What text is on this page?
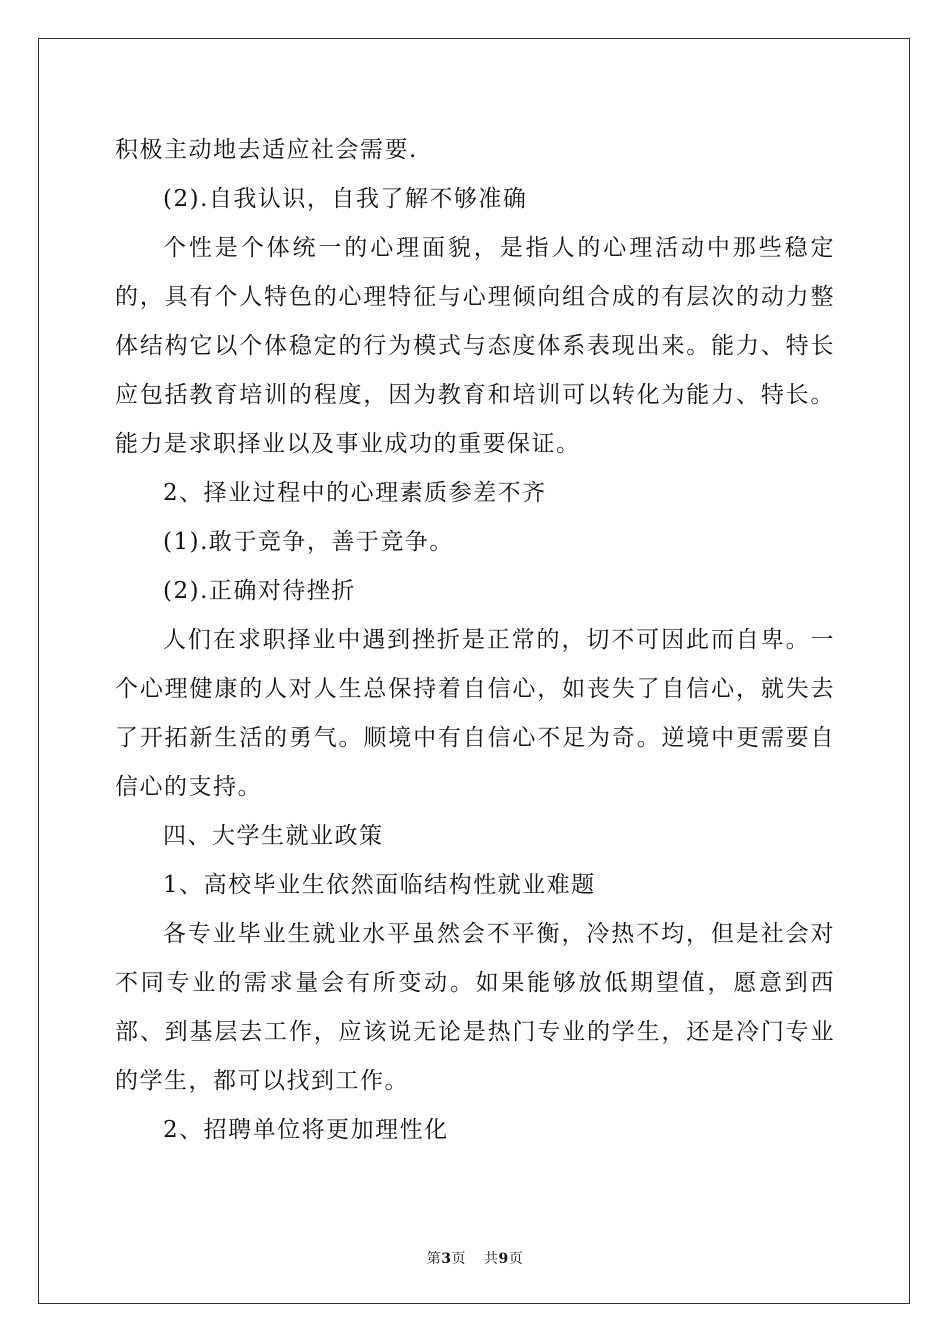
积极主动地去适应社会需要.

(2).自我认识，自我了解不够准确

个性是个体统一的心理面貌，是指人的心理活动中那些稳定的，具有个人特色的心理特征与心理倾向组合成的有层次的动力整体结构它以个体稳定的行为模式与态度体系表现出来。能力、特长应包括教育培训的程度，因为教育和培训可以转化为能力、特长。能力是求职择业以及事业成功的重要保证。

2、择业过程中的心理素质参差不齐

(1).敢于竞争，善于竞争。

(2).正确对待挫折

人们在求职择业中遇到挫折是正常的，切不可因此而自卑。一个心理健康的人对人生总保持着自信心，如丧失了自信心，就失去了开拓新生活的勇气。顺境中有自信心不足为奇。逆境中更需要自信心的支持。

四、大学生就业政策

1、高校毕业生依然面临结构性就业难题

各专业毕业生就业水平虽然会不平衡，冷热不均，但是社会对不同专业的需求量会有所变动。如果能够放低期望值，愿意到西部、到基层去工作，应该说无论是热门专业的学生，还是冷门专业的学生，都可以找到工作。

2、招聘单位将更加理性化

第3页 共9页
